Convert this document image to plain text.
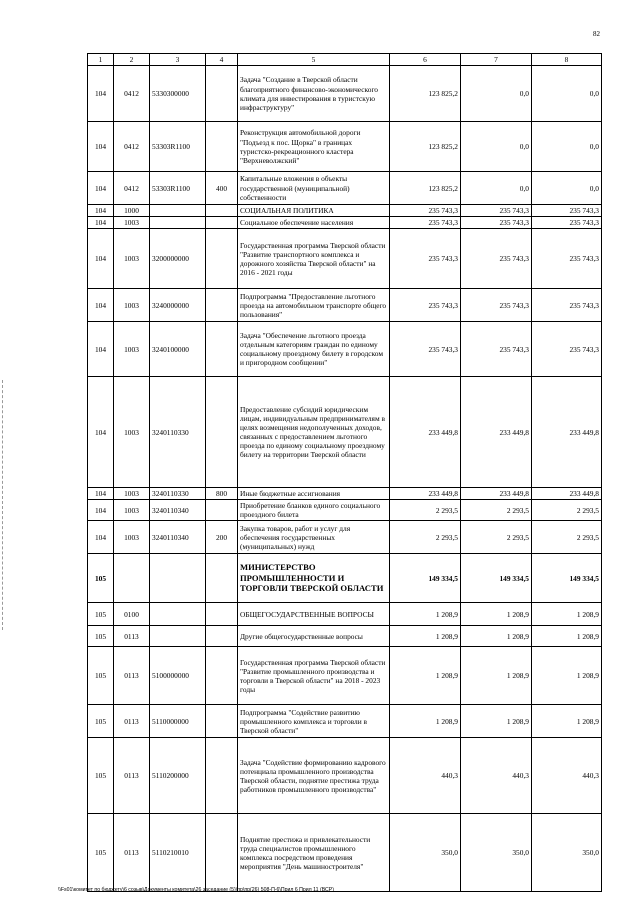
82
1	2	3	4	5	6	7	8
104	0412	5330300000		Задача "Создание в Тверской области благоприятного финансово-экономического климата для инвестирования в туристскую инфраструктуру"	123 825,2	0,0	0,0
104	0412	53303R1100		Реконструкция автомобильной дороги "Подъезд к пос. Щорка" в границах туристско-рекреационного кластера "Верхневолжский"	123 825,2	0,0	0,0
104	0412	53303R1100	400	Капитальные вложения в объекты государственной (муниципальной) собственности	123 825,2	0,0	0,0
104	1000			СОЦИАЛЬНАЯ ПОЛИТИКА	235 743,3	235 743,3	235 743,3
104	1003			Социальное обеспечение населения	235 743,3	235 743,3	235 743,3
104	1003	3200000000		Государственная программа Тверской области "Развитие транспортного комплекса и дорожного хозяйства Тверской области" на 2016 - 2021 годы	235 743,3	235 743,3	235 743,3
104	1003	3240000000		Подпрограмма "Предоставление льготного проезда на автомобильном транспорте общего пользования"	235 743,3	235 743,3	235 743,3
104	1003	3240100000		Задача "Обеспечение льготного проезда отдельным категориям граждан по единому социальному проездному билету в городском и пригородном сообщении"	235 743,3	235 743,3	235 743,3
104	1003	3240110330		Предоставление субсидий юридическим лицам, индивидуальным предпринимателям в целях возмещения недополученных доходов, связанных с предоставлением льготного проезда по единому социальному проездному билету на территории Тверской области	233 449,8	233 449,8	233 449,8
104	1003	3240110330	800	Иные бюджетные ассигнования	233 449,8	233 449,8	233 449,8
104	1003	3240110340		Приобретение бланков единого социального проездного билета	2 293,5	2 293,5	2 293,5
104	1003	3240110340	200	Закупка товаров, работ и услуг для обеспечения государственных (муниципальных) нужд	2 293,5	2 293,5	2 293,5
105				МИНИСТЕРСТВО ПРОМЫШЛЕННОСТИ И ТОРГОВЛИ ТВЕРСКОЙ ОБЛАСТИ	149 334,5	149 334,5	149 334,5
105	0100			ОБЩЕГОСУДАРСТВЕННЫЕ ВОПРОСЫ	1 208,9	1 208,9	1 208,9
105	0113			Другие общегосударственные вопросы	1 208,9	1 208,9	1 208,9
105	0113	5100000000		Государственная программа Тверской области "Развитие промышленного производства и торговли в Тверской области" на 2018 - 2023 годы	1 208,9	1 208,9	1 208,9
105	0113	5110000000		Подпрограмма "Содействие развитию промышленного комплекса и торговли в Тверской области"	1 208,9	1 208,9	1 208,9
105	0113	5110200000		Задача "Содействие формированию кадрового потенциала промышленного производства Тверской области, поднятие престижа труда работников промышленного производства"	440,3	440,3	440,3
105	0113	5110210010		Поднятие престижа и привлекательности труда специалистов промышленного комплекса посредством проведения мероприятия "День машиностроителя"	350,0	350,0	350,0
\\Fs01\комитет по бюджету\6 созыв\Документы комитета\26 заседание (5)\пр\пр(26) 508-П-6\Прил 6 Прил 11 (ВСР)
